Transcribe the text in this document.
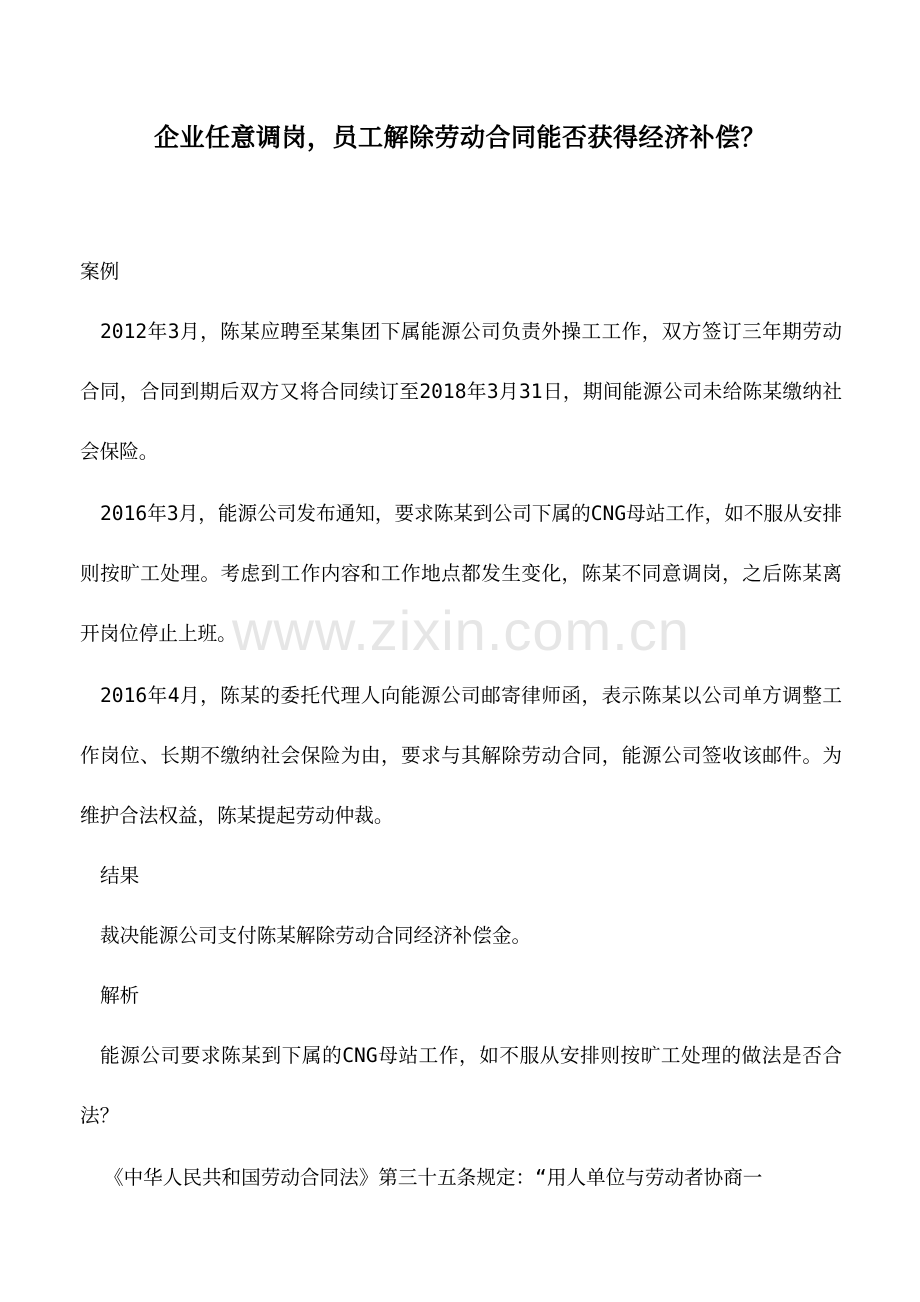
www.zixin.com.cn
企业任意调岗，员工解除劳动合同能否获得经济补偿？

案例

2012年3月，陈某应聘至某集团下属能源公司负责外操工工作，双方签订三年期劳动合同，合同到期后双方又将合同续订至2018年3月31日，期间能源公司未给陈某缴纳社会保险。

2016年3月，能源公司发布通知，要求陈某到公司下属的CNG母站工作，如不服从安排则按旷工处理。考虑到工作内容和工作地点都发生变化，陈某不同意调岗，之后陈某离开岗位停止上班。

2016年4月，陈某的委托代理人向能源公司邮寄律师函，表示陈某以公司单方调整工作岗位、长期不缴纳社会保险为由，要求与其解除劳动合同，能源公司签收该邮件。为维护合法权益，陈某提起劳动仲裁。

结果

裁决能源公司支付陈某解除劳动合同经济补偿金。

解析

能源公司要求陈某到下属的CNG母站工作，如不服从安排则按旷工处理的做法是否合法？

《中华人民共和国劳动合同法》第三十五条规定：“用人单位与劳动者协商一
